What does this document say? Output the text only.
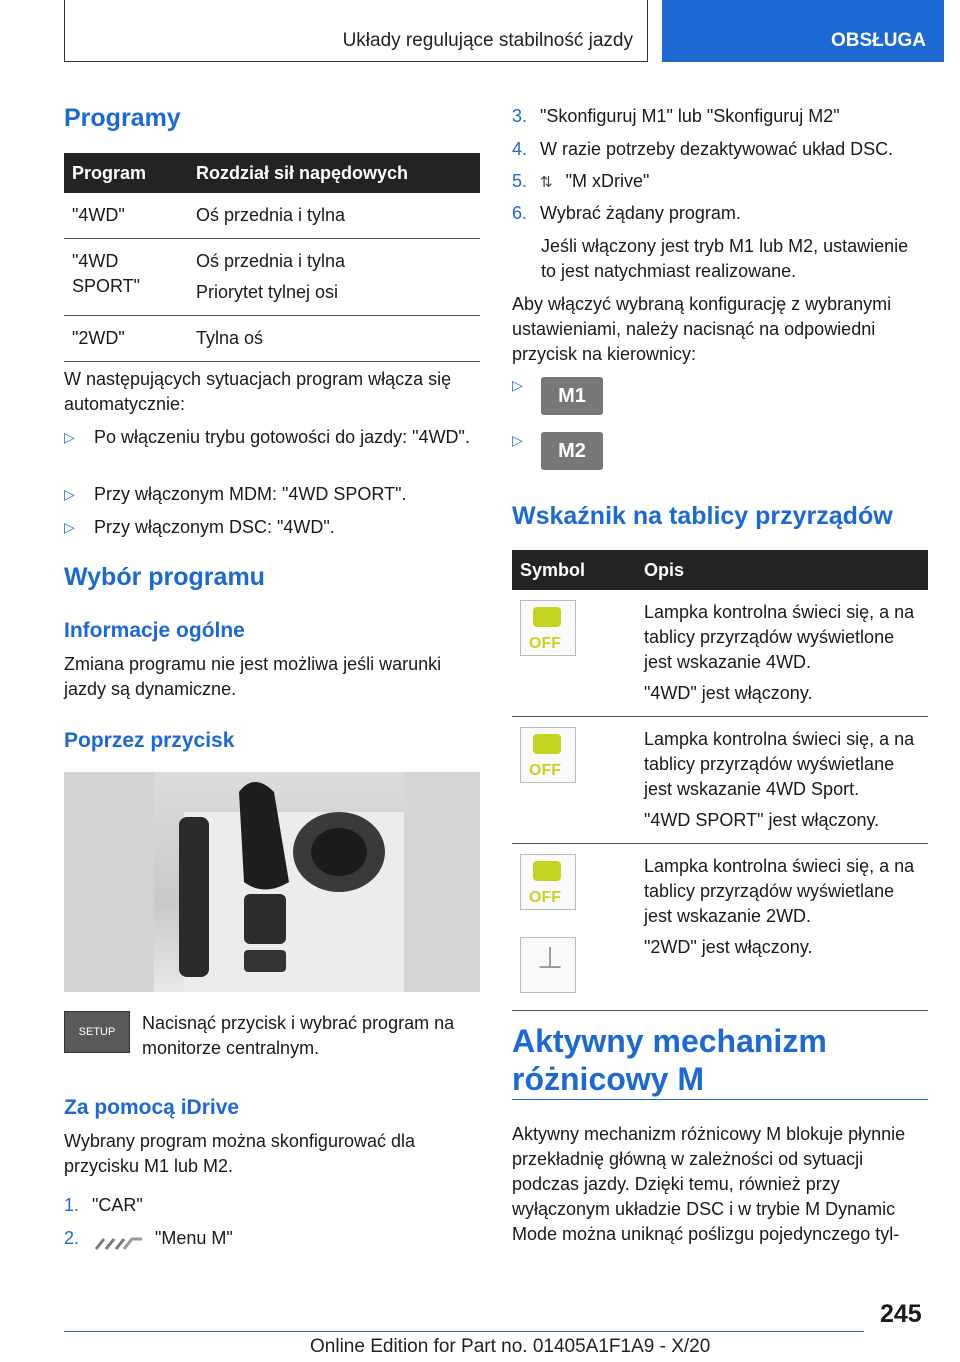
Układy regulujące stabilność jazdy	OBSŁUGA
Programy
Program	Rozdział sił napędowych
"4WD"	Oś przednia i tylna
"4WD SPORT"	Oś przednia i tylna
Priorytet tylnej osi

"2WD"	Tylna oś
W następujących sytuacjach program włącza się automatycznie:
▷ Po włączeniu trybu gotowości do jazdy: "4WD".
▷ Przy włączonym MDM: "4WD SPORT".
▷ Przy włączonym DSC: "4WD".
Wybór programu
Informacje ogólne
Zmiana programu nie jest możliwa jeśli warunki jazdy są dynamiczne.
Poprzez przycisk
SETUP	Nacisnąć przycisk i wybrać program na monitorze centralnym.
Za pomocą iDrive
Wybrany program można skonfigurować dla przycisku M1 lub M2.
1. "CAR"
2.	"Menu M"
3. "Skonfiguruj M1" lub "Skonfiguruj M2"
4. W razie potrzeby dezaktywować układ DSC.
5. ⇅ "M xDrive"
6. Wybrać żądany program.
Jeśli włączony jest tryb M1 lub M2, ustawienie to jest natychmiast realizowane.
Aby włączyć wybraną konfigurację z wybranymi ustawieniami, należy nacisnąć na odpowiedni przycisk na kierownicy:
▷	M1
▷	M2
Wskaźnik na tablicy przyrządów
Symbol	Opis
OFF	
Lampka kontrolna świeci się, a na tablicy przyrządów wyświetlone jest wskazanie 4WD.
"4WD" jest włączony.

OFF	
Lampka kontrolna świeci się, a na tablicy przyrządów wyświetlane jest wskazanie 4WD Sport.
"4WD SPORT" jest włączony.

OFF
⊥	
Lampka kontrolna świeci się, a na tablicy przyrządów wyświetlane jest wskazanie 2WD.
"2WD" jest włączony.
Aktywny mechanizm różnicowy M
Aktywny mechanizm różnicowy M blokuje płynnie przekładnię główną w zależności od sytuacji podczas jazdy. Dzięki temu, również przy wyłączonym układzie DSC i w trybie M Dynamic Mode można uniknąć poślizgu pojedynczego tyl-
245
Online Edition for Part no. 01405A1F1A9 - X/20
